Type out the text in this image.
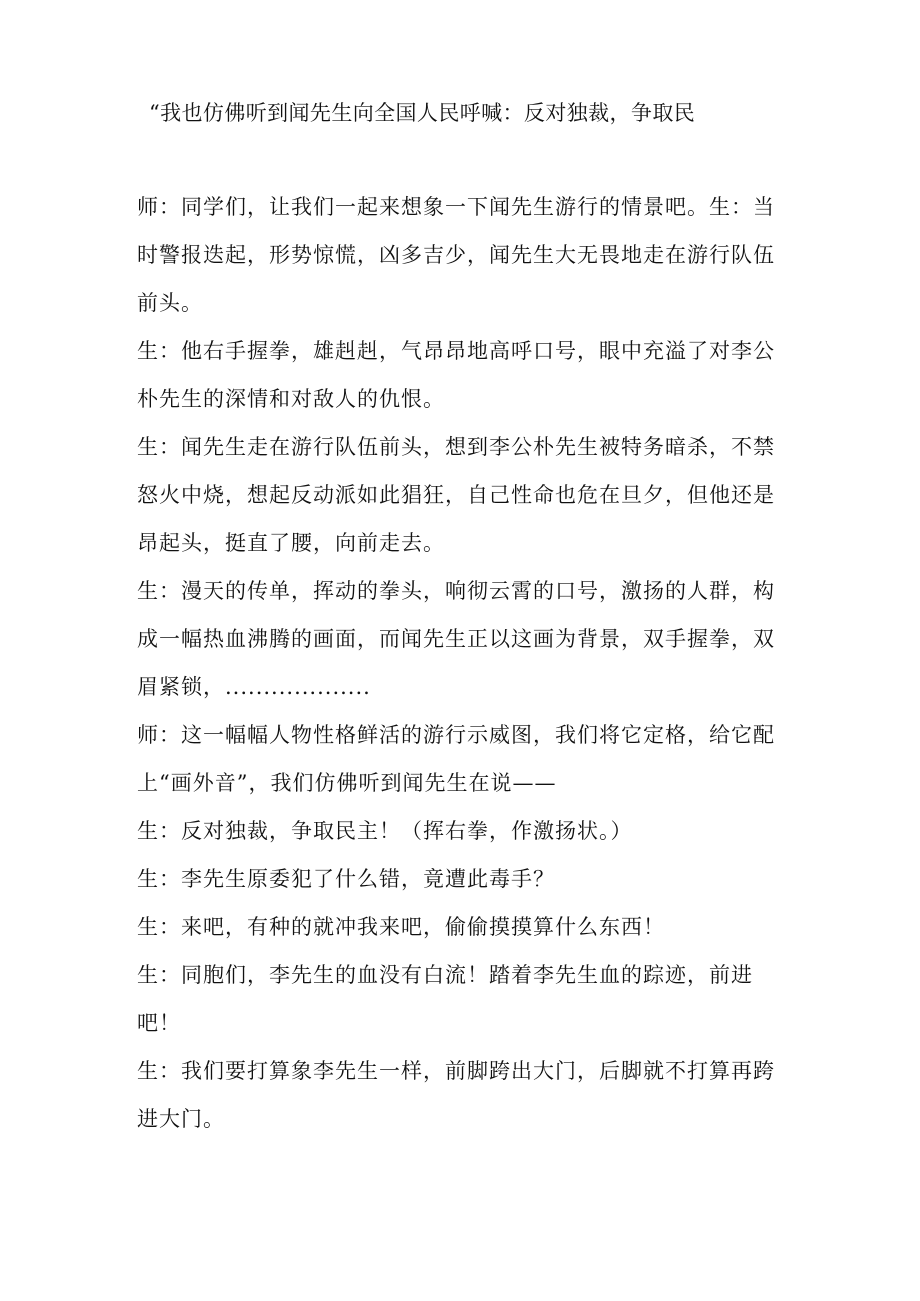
“我也仿佛听到闻先生向全国人民呼喊：反对独裁，争取民
师：同学们，让我们一起来想象一下闻先生游行的情景吧。生：当
时警报迭起，形势惊慌，凶多吉少，闻先生大无畏地走在游行队伍
前头。
生：他右手握拳，雄赳赳，气昂昂地高呼口号，眼中充溢了对李公
朴先生的深情和对敌人的仇恨。
生：闻先生走在游行队伍前头，想到李公朴先生被特务暗杀，不禁
怒火中烧，想起反动派如此猖狂，自己性命也危在旦夕，但他还是
昂起头，挺直了腰，向前走去。
生：漫天的传单，挥动的拳头，响彻云霄的口号，激扬的人群，构
成一幅热血沸腾的画面，而闻先生正以这画为背景，双手握拳，双
眉紧锁，...................
师：这一幅幅人物性格鲜活的游行示威图，我们将它定格，给它配
上“画外音”，我们仿佛听到闻先生在说——
生：反对独裁，争取民主！（挥右拳，作激扬状。）
生：李先生原委犯了什么错，竟遭此毒手？
生：来吧，有种的就冲我来吧，偷偷摸摸算什么东西！
生：同胞们，李先生的血没有白流！踏着李先生血的踪迹，前进
吧！
生：我们要打算象李先生一样，前脚跨出大门，后脚就不打算再跨
进大门。
